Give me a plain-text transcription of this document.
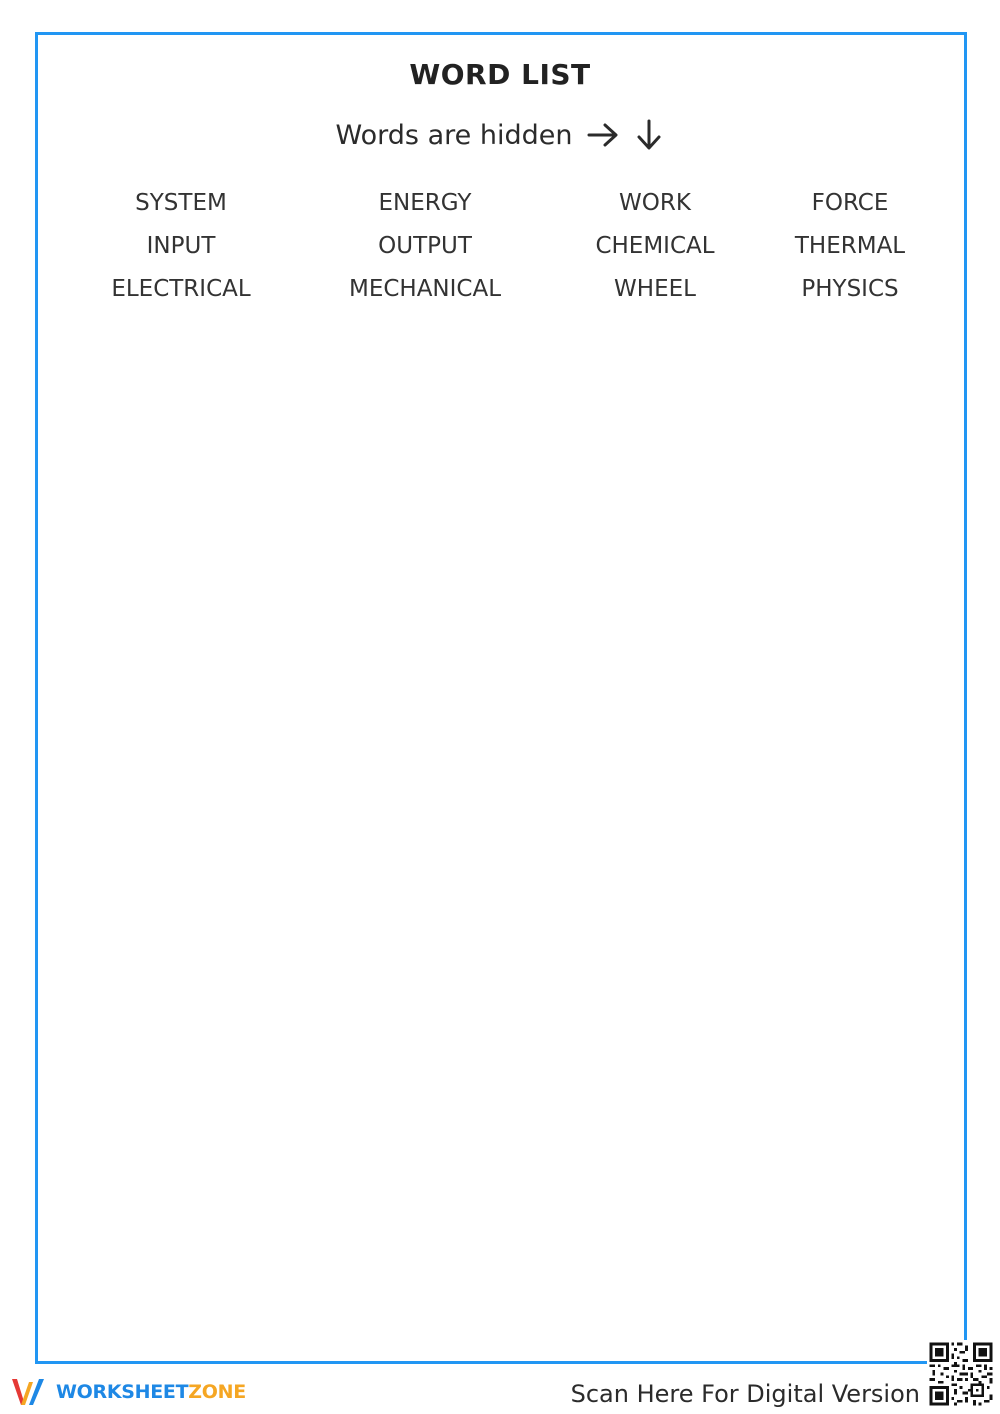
WORD LIST
Words are hidden
SYSTEM	ENERGY	WORK	FORCE
INPUT	OUTPUT	CHEMICAL	THERMAL
ELECTRICAL	MECHANICAL	WHEEL	PHYSICS
WORKSHEETZONE	Scan Here For Digital Version
